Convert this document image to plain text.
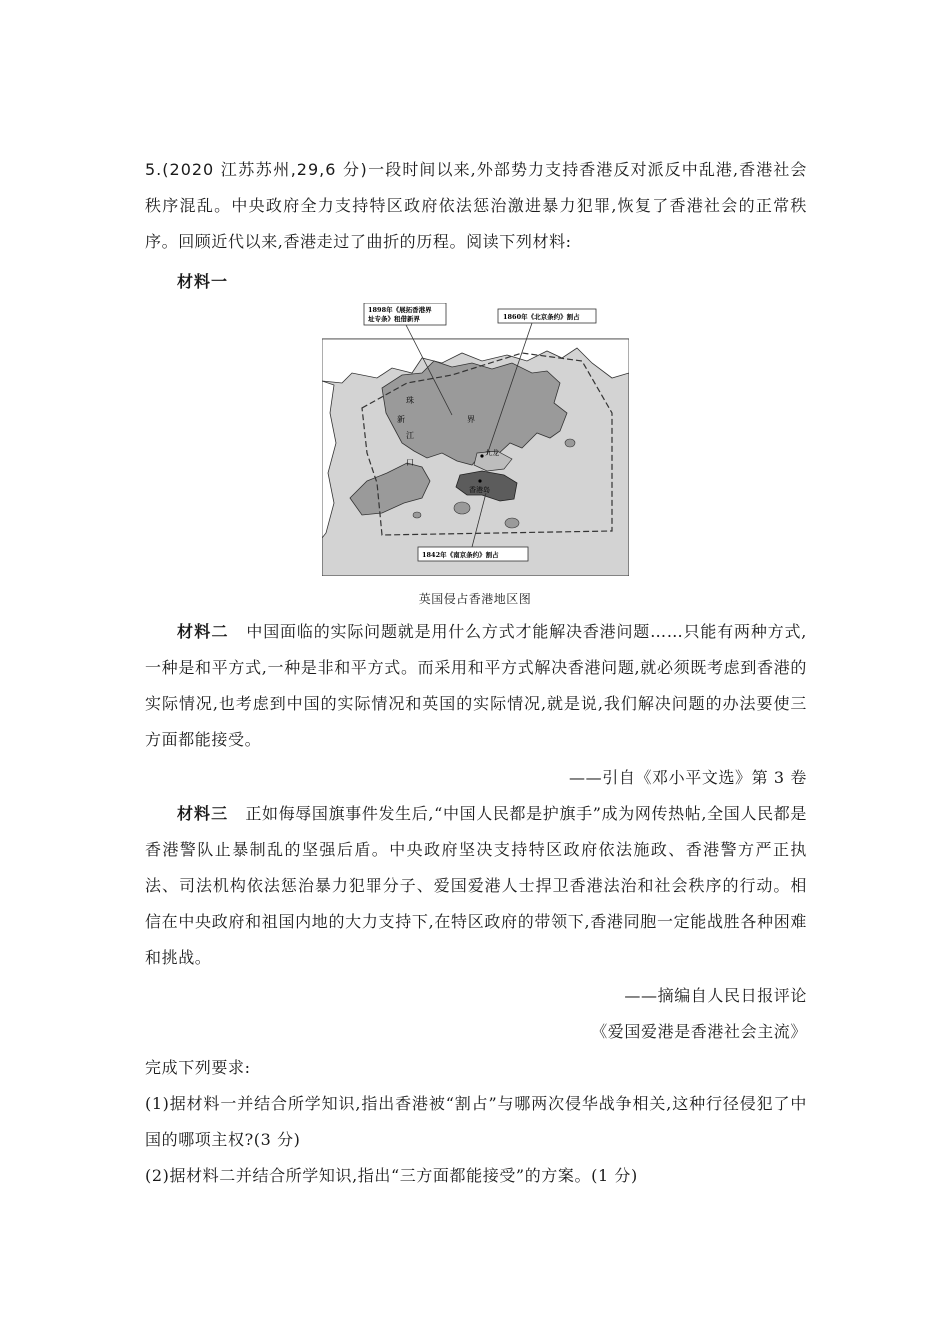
5.(2020 江苏苏州,29,6 分)一段时间以来,外部势力支持香港反对派反中乱港,香港社会秩序混乱。中央政府全力支持特区政府依法惩治激进暴力犯罪,恢复了香港社会的正常秩序。回顾近代以来,香港走过了曲折的历程。阅读下列材料:
材料一
1898年《展拓香港界 址专条》租借新界	1860年《北京条约》割占
1842年《南京条约》割占
珠
江
口
新	界
九龙
香港岛
英国侵占香港地区图
材料二 中国面临的实际问题就是用什么方式才能解决香港问题……只能有两种方式,一种是和平方式,一种是非和平方式。而采用和平方式解决香港问题,就必须既考虑到香港的实际情况,也考虑到中国的实际情况和英国的实际情况,就是说,我们解决问题的办法要使三方面都能接受。
——引自《邓小平文选》第 3 卷
材料三 正如侮辱国旗事件发生后,“中国人民都是护旗手”成为网传热帖,全国人民都是香港警队止暴制乱的坚强后盾。中央政府坚决支持特区政府依法施政、香港警方严正执法、司法机构依法惩治暴力犯罪分子、爱国爱港人士捍卫香港法治和社会秩序的行动。相信在中央政府和祖国内地的大力支持下,在特区政府的带领下,香港同胞一定能战胜各种困难和挑战。
——摘编自人民日报评论
《爱国爱港是香港社会主流》
完成下列要求:
(1)据材料一并结合所学知识,指出香港被“割占”与哪两次侵华战争相关,这种行径侵犯了中国的哪项主权?(3 分)
(2)据材料二并结合所学知识,指出“三方面都能接受”的方案。(1 分)
